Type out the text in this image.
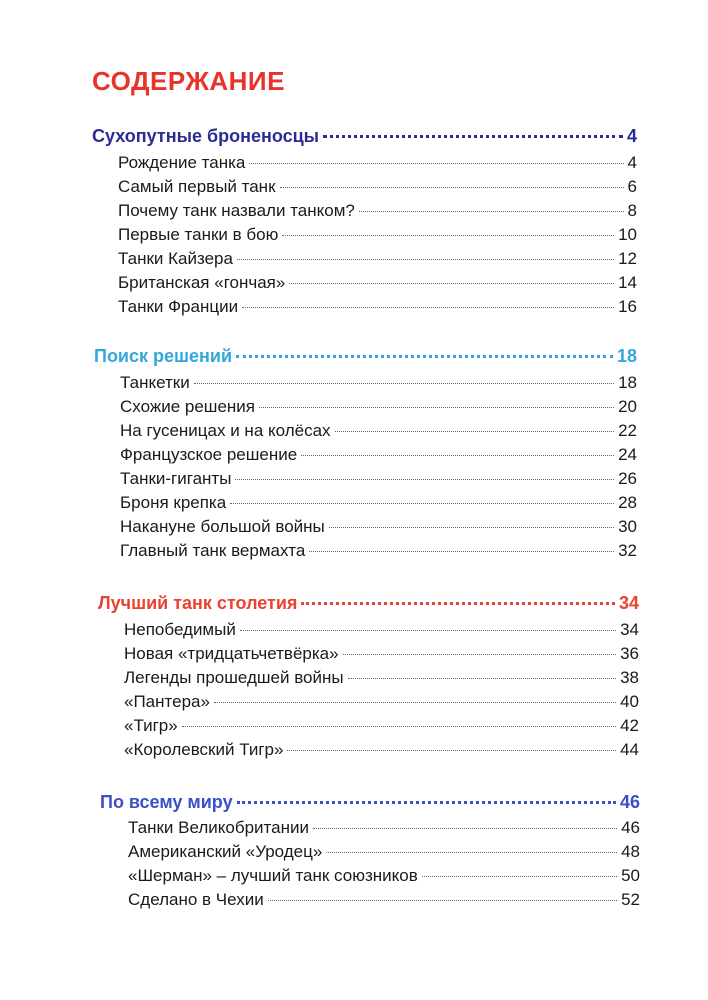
СОДЕРЖАНИЕ
Сухопутные броненосцы	4
Рождение танка	4
Самый первый танк	6
Почему танк назвали танком?	8
Первые танки в бою	10
Танки Кайзера	12
Британская «гончая»	14
Танки Франции	16
Поиск решений	18
Танкетки	18
Схожие решения	20
На гусеницах и на колёсах	22
Французское решение	24
Танки-гиганты	26
Броня крепка	28
Накануне большой войны	30
Главный танк вермахта	32
Лучший танк столетия	34
Непобедимый	34
Новая «тридцатьчетвёрка»	36
Легенды прошедшей войны	38
«Пантера»	40
«Тигр»	42
«Королевский Тигр»	44
По всему миру	46
Танки Великобритании	46
Американский «Уродец»	48
«Шерман» – лучший танк союзников	50
Сделано в Чехии	52
